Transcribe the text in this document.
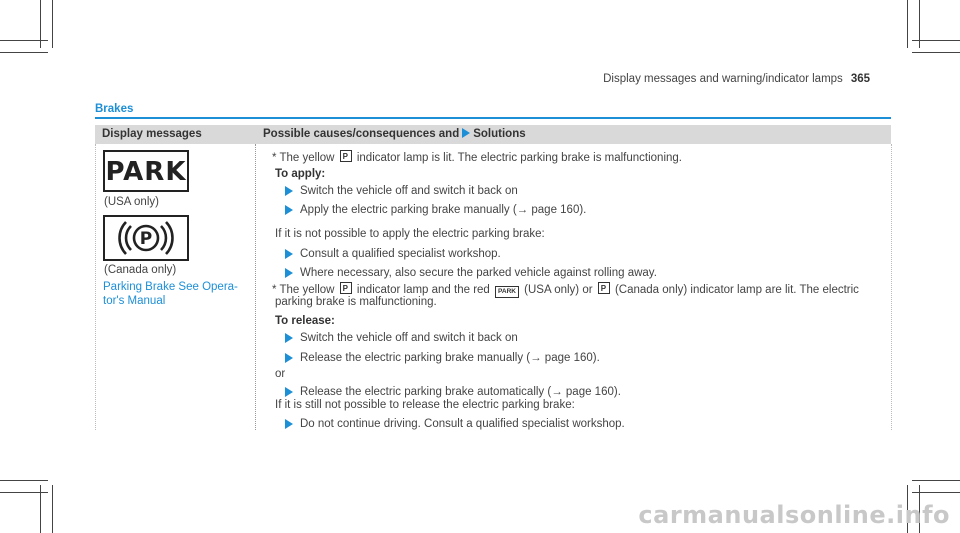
Display messages and warning/indicator lamps 365
Brakes
Display messages	Possible causes/consequences and Solutions
PARK
(USA only)
P
(Canada only)
Parking Brake See Opera-
tor's Manual
* The yellow P indicator lamp is lit. The electric parking brake is malfunctioning.
To apply:
Switch the vehicle off and switch it back on
Apply the electric parking brake manually (→ page 160).
If it is not possible to apply the electric parking brake:
Consult a qualified specialist workshop.
Where necessary, also secure the parked vehicle against rolling away.
* The yellow P indicator lamp and the red PARK (USA only) or P (Canada only) indicator lamp are lit. The electric
parking brake is malfunctioning.
To release:
Switch the vehicle off and switch it back on
Release the electric parking brake manually (→ page 160).
or
Release the electric parking brake automatically (→ page 160).
If it is still not possible to release the electric parking brake:
Do not continue driving. Consult a qualified specialist workshop.
carmanualsonline.info
